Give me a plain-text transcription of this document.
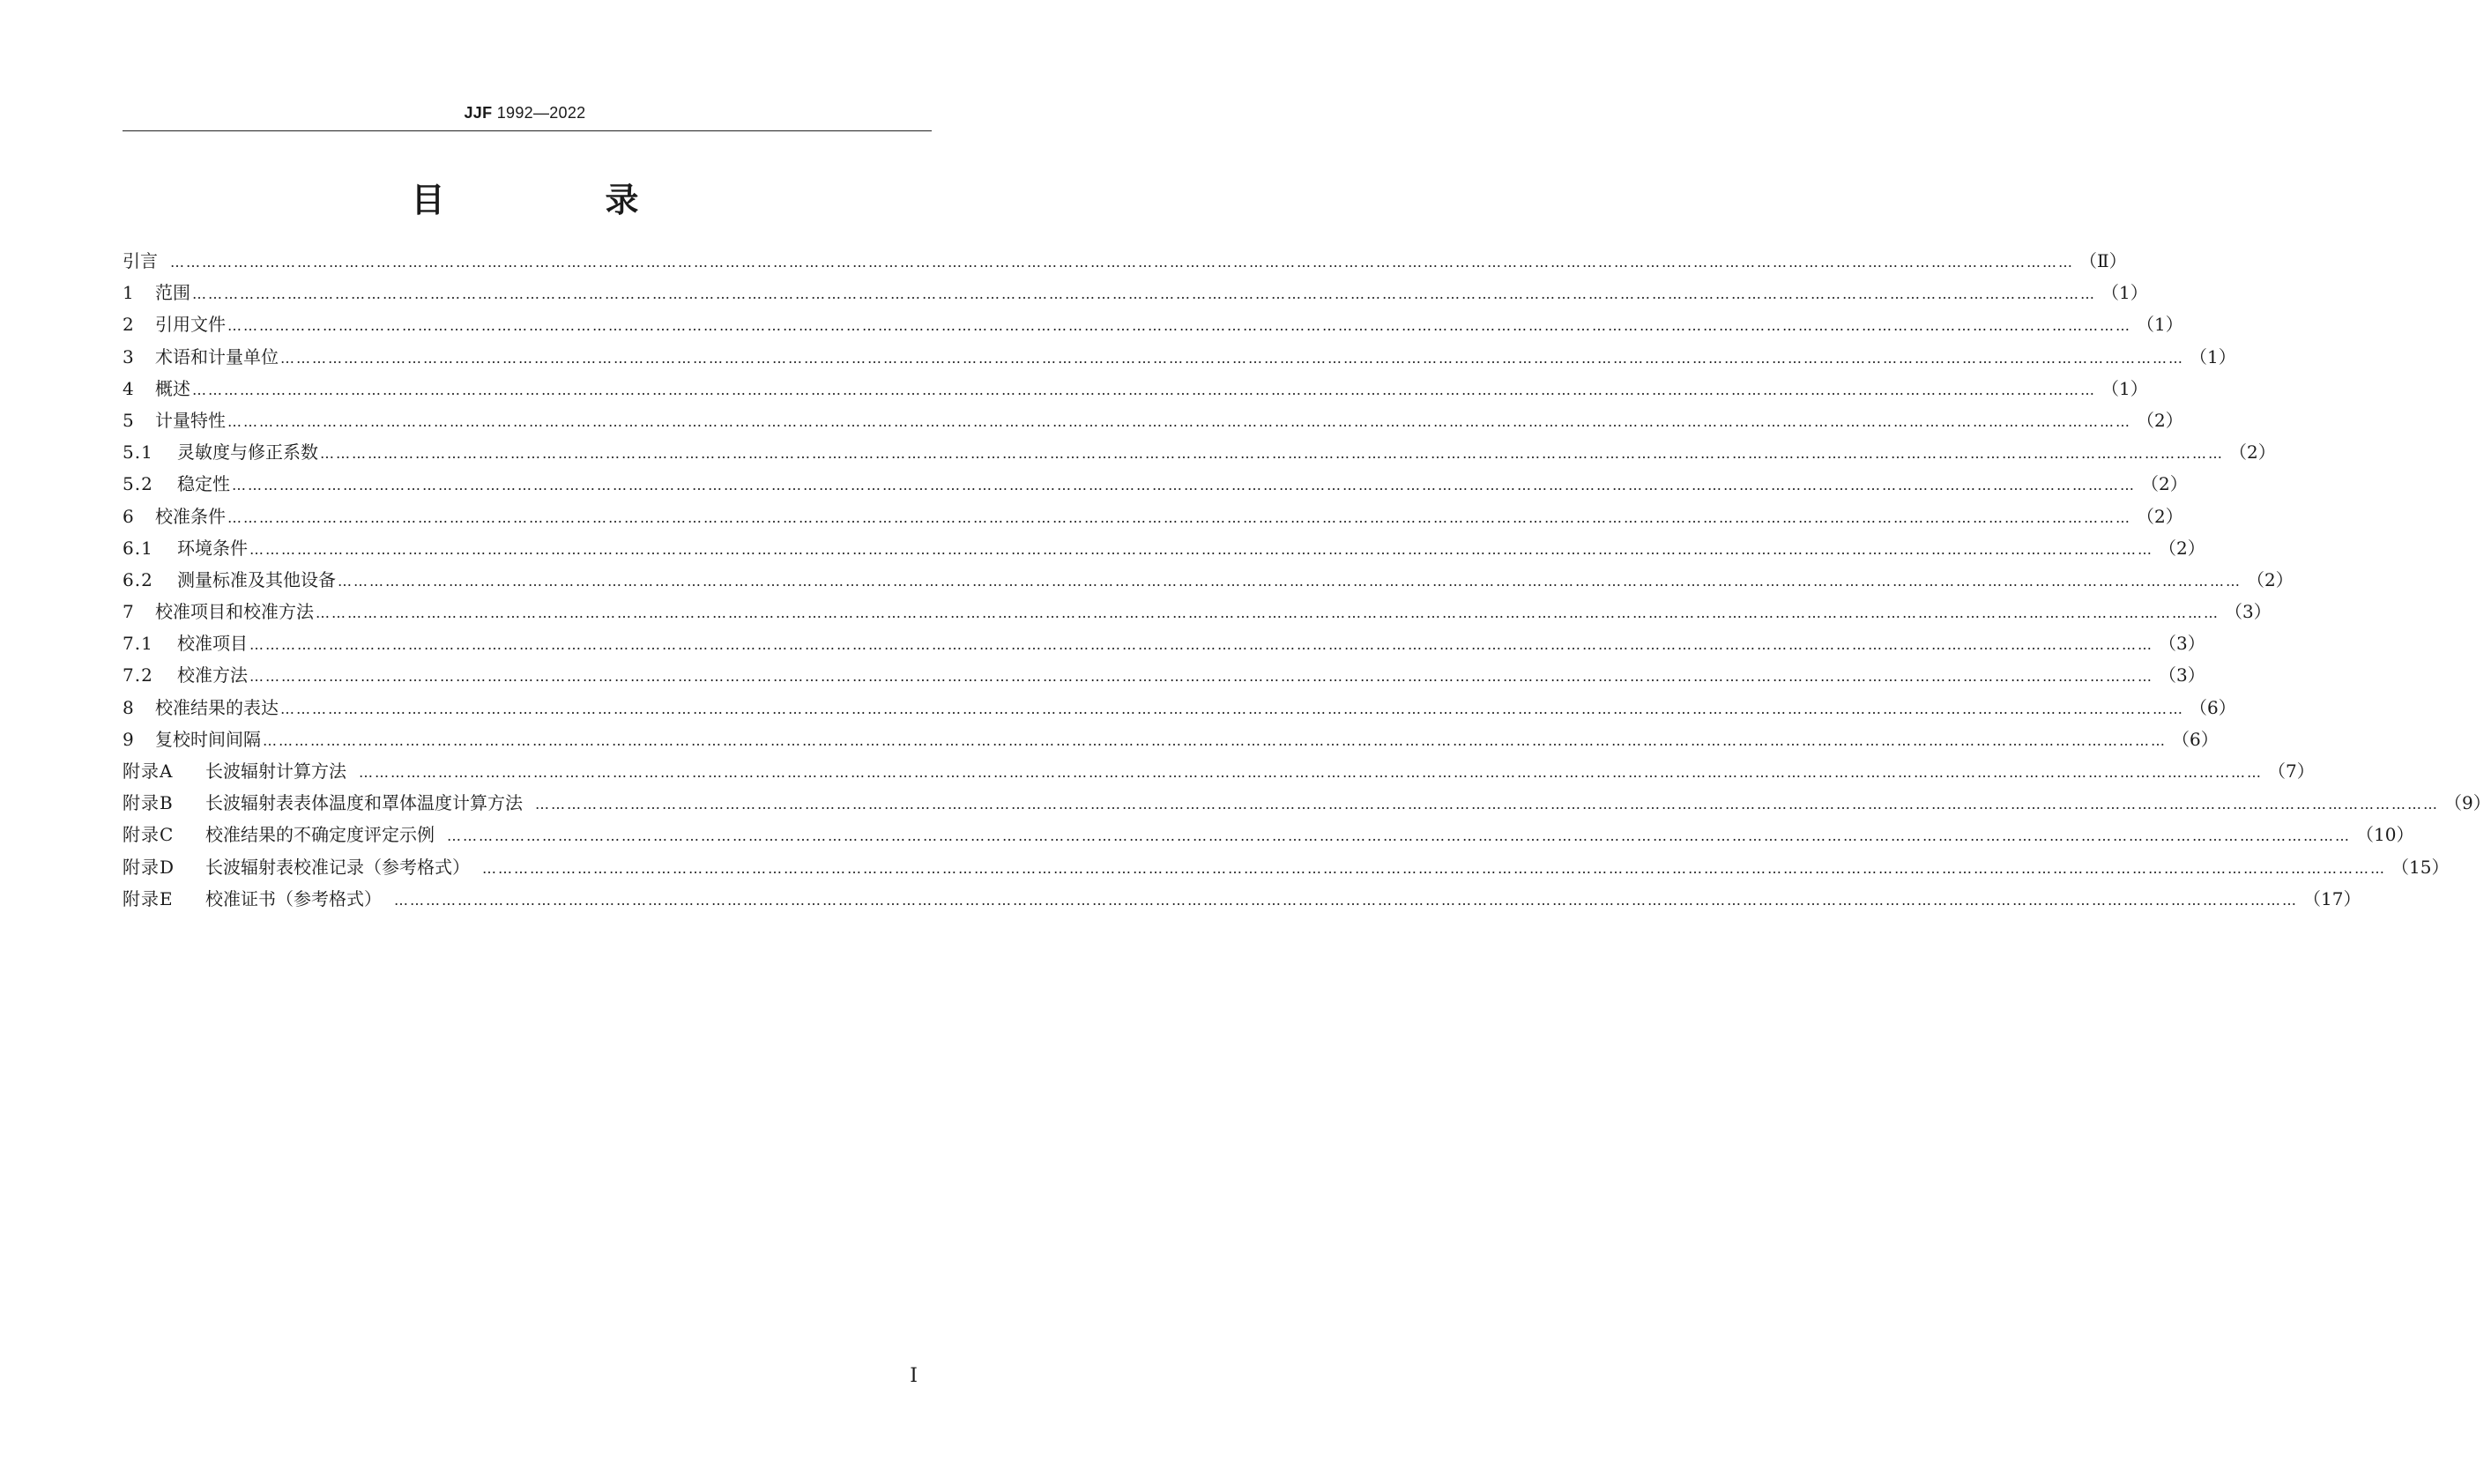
JJF 1992—2022
目　录
引言 ……………………………………………………………………………………………………………………………………………………………………………………………………………………………………………………………………………………………………………………………… （Ⅱ）
1 范围 ……………………………………………………………………………………………………………………………………………………………………………………………………………………………………………………………………………………………………………………………… （1）
2 引用文件 ……………………………………………………………………………………………………………………………………………………………………………………………………………………………………………………………………………………………………………………………… （1）
3 术语和计量单位 ……………………………………………………………………………………………………………………………………………………………………………………………………………………………………………………………………………………………………………………………… （1）
4 概述 ……………………………………………………………………………………………………………………………………………………………………………………………………………………………………………………………………………………………………………………………… （1）
5 计量特性 ……………………………………………………………………………………………………………………………………………………………………………………………………………………………………………………………………………………………………………………………… （2）
5.1 灵敏度与修正系数 ……………………………………………………………………………………………………………………………………………………………………………………………………………………………………………………………………………………………………………………………… （2）
5.2 稳定性 ……………………………………………………………………………………………………………………………………………………………………………………………………………………………………………………………………………………………………………………………… （2）
6 校准条件 ……………………………………………………………………………………………………………………………………………………………………………………………………………………………………………………………………………………………………………………………… （2）
6.1 环境条件 ……………………………………………………………………………………………………………………………………………………………………………………………………………………………………………………………………………………………………………………………… （2）
6.2 测量标准及其他设备 ……………………………………………………………………………………………………………………………………………………………………………………………………………………………………………………………………………………………………………………………… （2）
7 校准项目和校准方法 ……………………………………………………………………………………………………………………………………………………………………………………………………………………………………………………………………………………………………………………………… （3）
7.1 校准项目 ……………………………………………………………………………………………………………………………………………………………………………………………………………………………………………………………………………………………………………………………… （3）
7.2 校准方法 ……………………………………………………………………………………………………………………………………………………………………………………………………………………………………………………………………………………………………………………………… （3）
8 校准结果的表达 ……………………………………………………………………………………………………………………………………………………………………………………………………………………………………………………………………………………………………………………………… （6）
9 复校时间间隔 ……………………………………………………………………………………………………………………………………………………………………………………………………………………………………………………………………………………………………………………………… （6）
附录A 长波辐射计算方法 ……………………………………………………………………………………………………………………………………………………………………………………………………………………………………………………………………………………………………………………………… （7）
附录B 长波辐射表表体温度和罩体温度计算方法 ……………………………………………………………………………………………………………………………………………………………………………………………………………………………………………………………………………………………………………………………… （9）
附录C 校准结果的不确定度评定示例 ……………………………………………………………………………………………………………………………………………………………………………………………………………………………………………………………………………………………………………………………… （10）
附录D 长波辐射表校准记录（参考格式） ……………………………………………………………………………………………………………………………………………………………………………………………………………………………………………………………………………………………………………………………… （15）
附录E 校准证书（参考格式） ……………………………………………………………………………………………………………………………………………………………………………………………………………………………………………………………………………………………………………………………… （17）
Ⅰ
